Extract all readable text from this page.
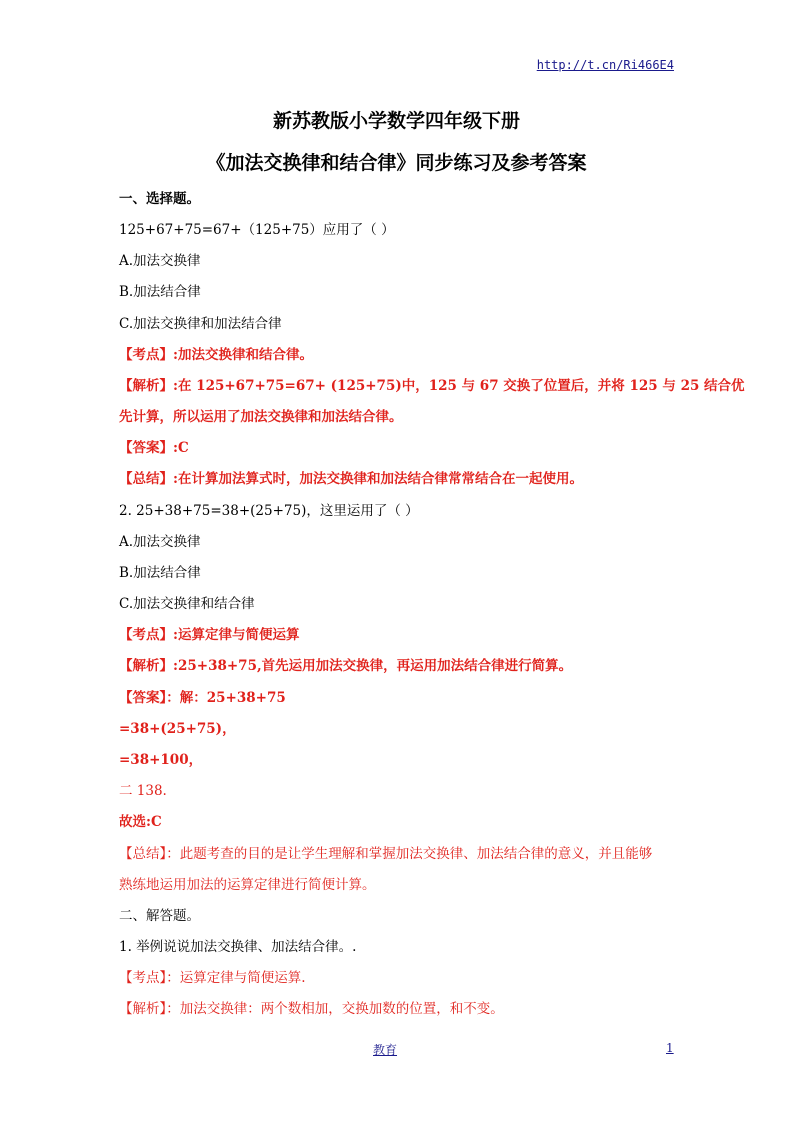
http://t.cn/Ri466E4
新苏教版小学数学四年级下册
《加法交换律和结合律》同步练习及参考答案
一、选择题。
125+67+75=67+（125+75）应用了（ ）
A.加法交换律
B.加法结合律
C.加法交换律和加法结合律
【考点】:加法交换律和结合律。
【解析】:在 125+67+75=67+ (125+75)中，125 与 67 交换了位置后，并将 125 与 25 结合优
先计算，所以运用了加法交换律和加法结合律。
【答案】:C
【总结】:在计算加法算式时，加法交换律和加法结合律常常结合在一起使用。
2. 25+38+75=38+(25+75)，这里运用了（ ）
A.加法交换律
B.加法结合律
C.加法交换律和结合律
【考点】:运算定律与简便运算
【解析】:25+38+75,首先运用加法交换律，再运用加法结合律进行简算。
【答案】：解：25+38+75
=38+(25+75)，
=38+100，
二 138.
故选:C
【总结】：此题考查的目的是让学生理解和掌握加法交换律、加法结合律的意义，并且能够
熟练地运用加法的运算定律进行简便计算。
二、解答题。
1. 举例说说加法交换律、加法结合律。.
【考点】：运算定律与简便运算.
【解析】：加法交换律：两个数相加，交换加数的位置，和不变。
教育	1
